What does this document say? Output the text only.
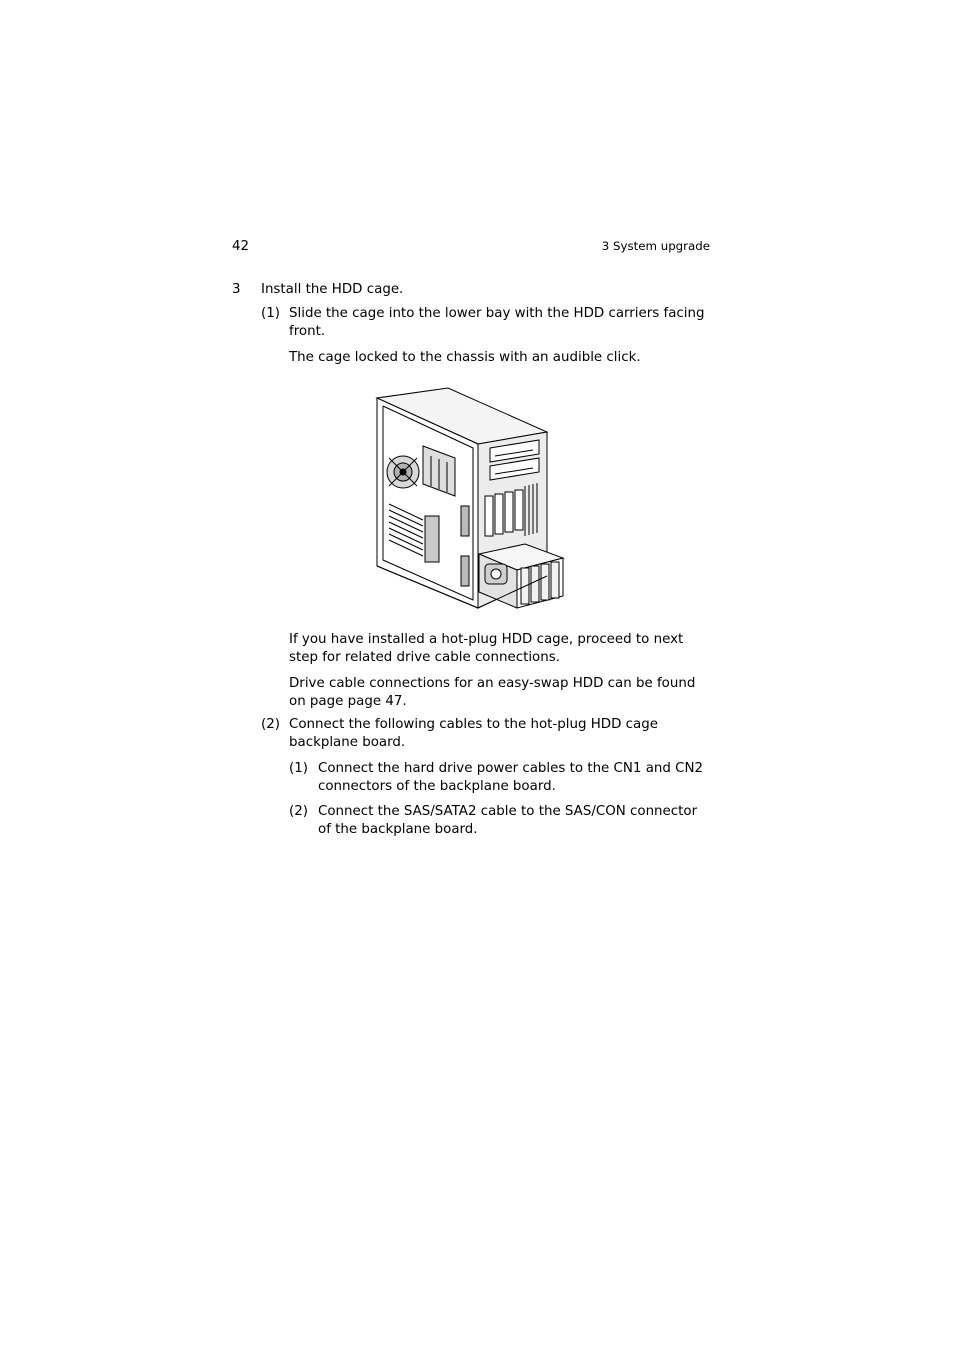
42	3 System upgrade
3 Install the HDD cage.
(1) Slide the cage into the lower bay with the HDD carriers facing
front.
The cage locked to the chassis with an audible click.
If you have installed a hot-plug HDD cage, proceed to next
step for related drive cable connections.
Drive cable connections for an easy-swap HDD can be found
on page page 47.
(2) Connect the following cables to the hot-plug HDD cage
backplane board.
(1) Connect the hard drive power cables to the CN1 and CN2
connectors of the backplane board.
(2) Connect the SAS/SATA2 cable to the SAS/CON connector
of the backplane board.
